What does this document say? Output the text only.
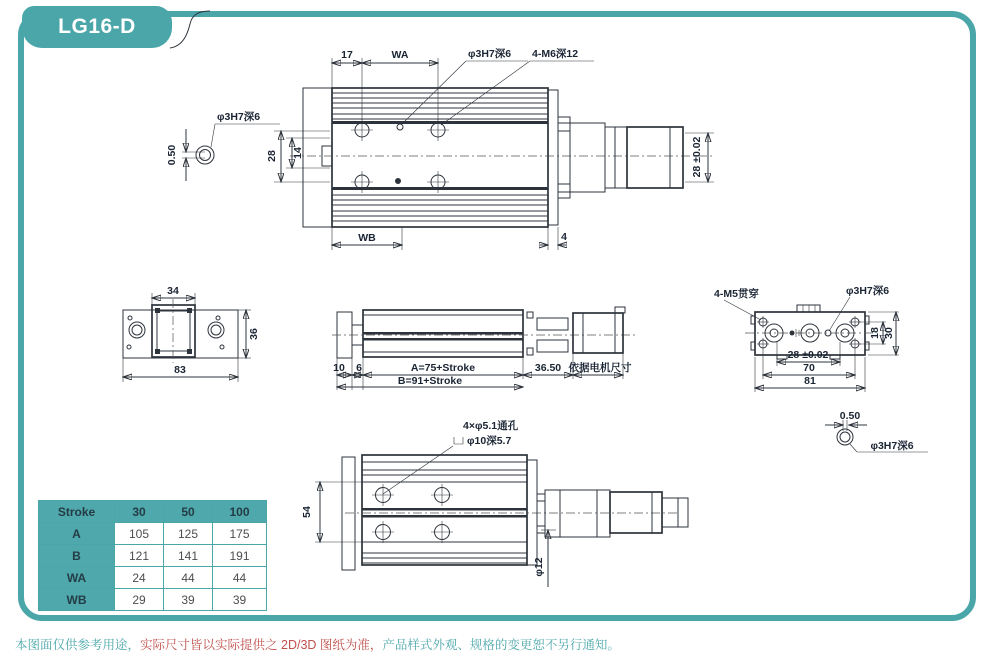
LG16-D
0.50
φ3H7深6
17	WA	φ3H7深6 4-M6深12
28 14	28 ±0.02
WB	4
34
36
83	10 6	A=75+Stroke	36.50 依据电机尺寸
B=91+Stroke
4-M5贯穿	φ3H7深6
18 30
28 ±0.02
70
81
0.50
φ3H7深6
4×φ5.1通孔
φ10深5.7
54
φ12
Stroke	30	50	100
A	105	125	175
B	121	141	191
WA	24	44	44
WB	29	39	39
本图面仅供参考用途，实际尺寸皆以实际提供之 2D/3D 图纸为准，产品样式外观、规格的变更恕不另行通知。
